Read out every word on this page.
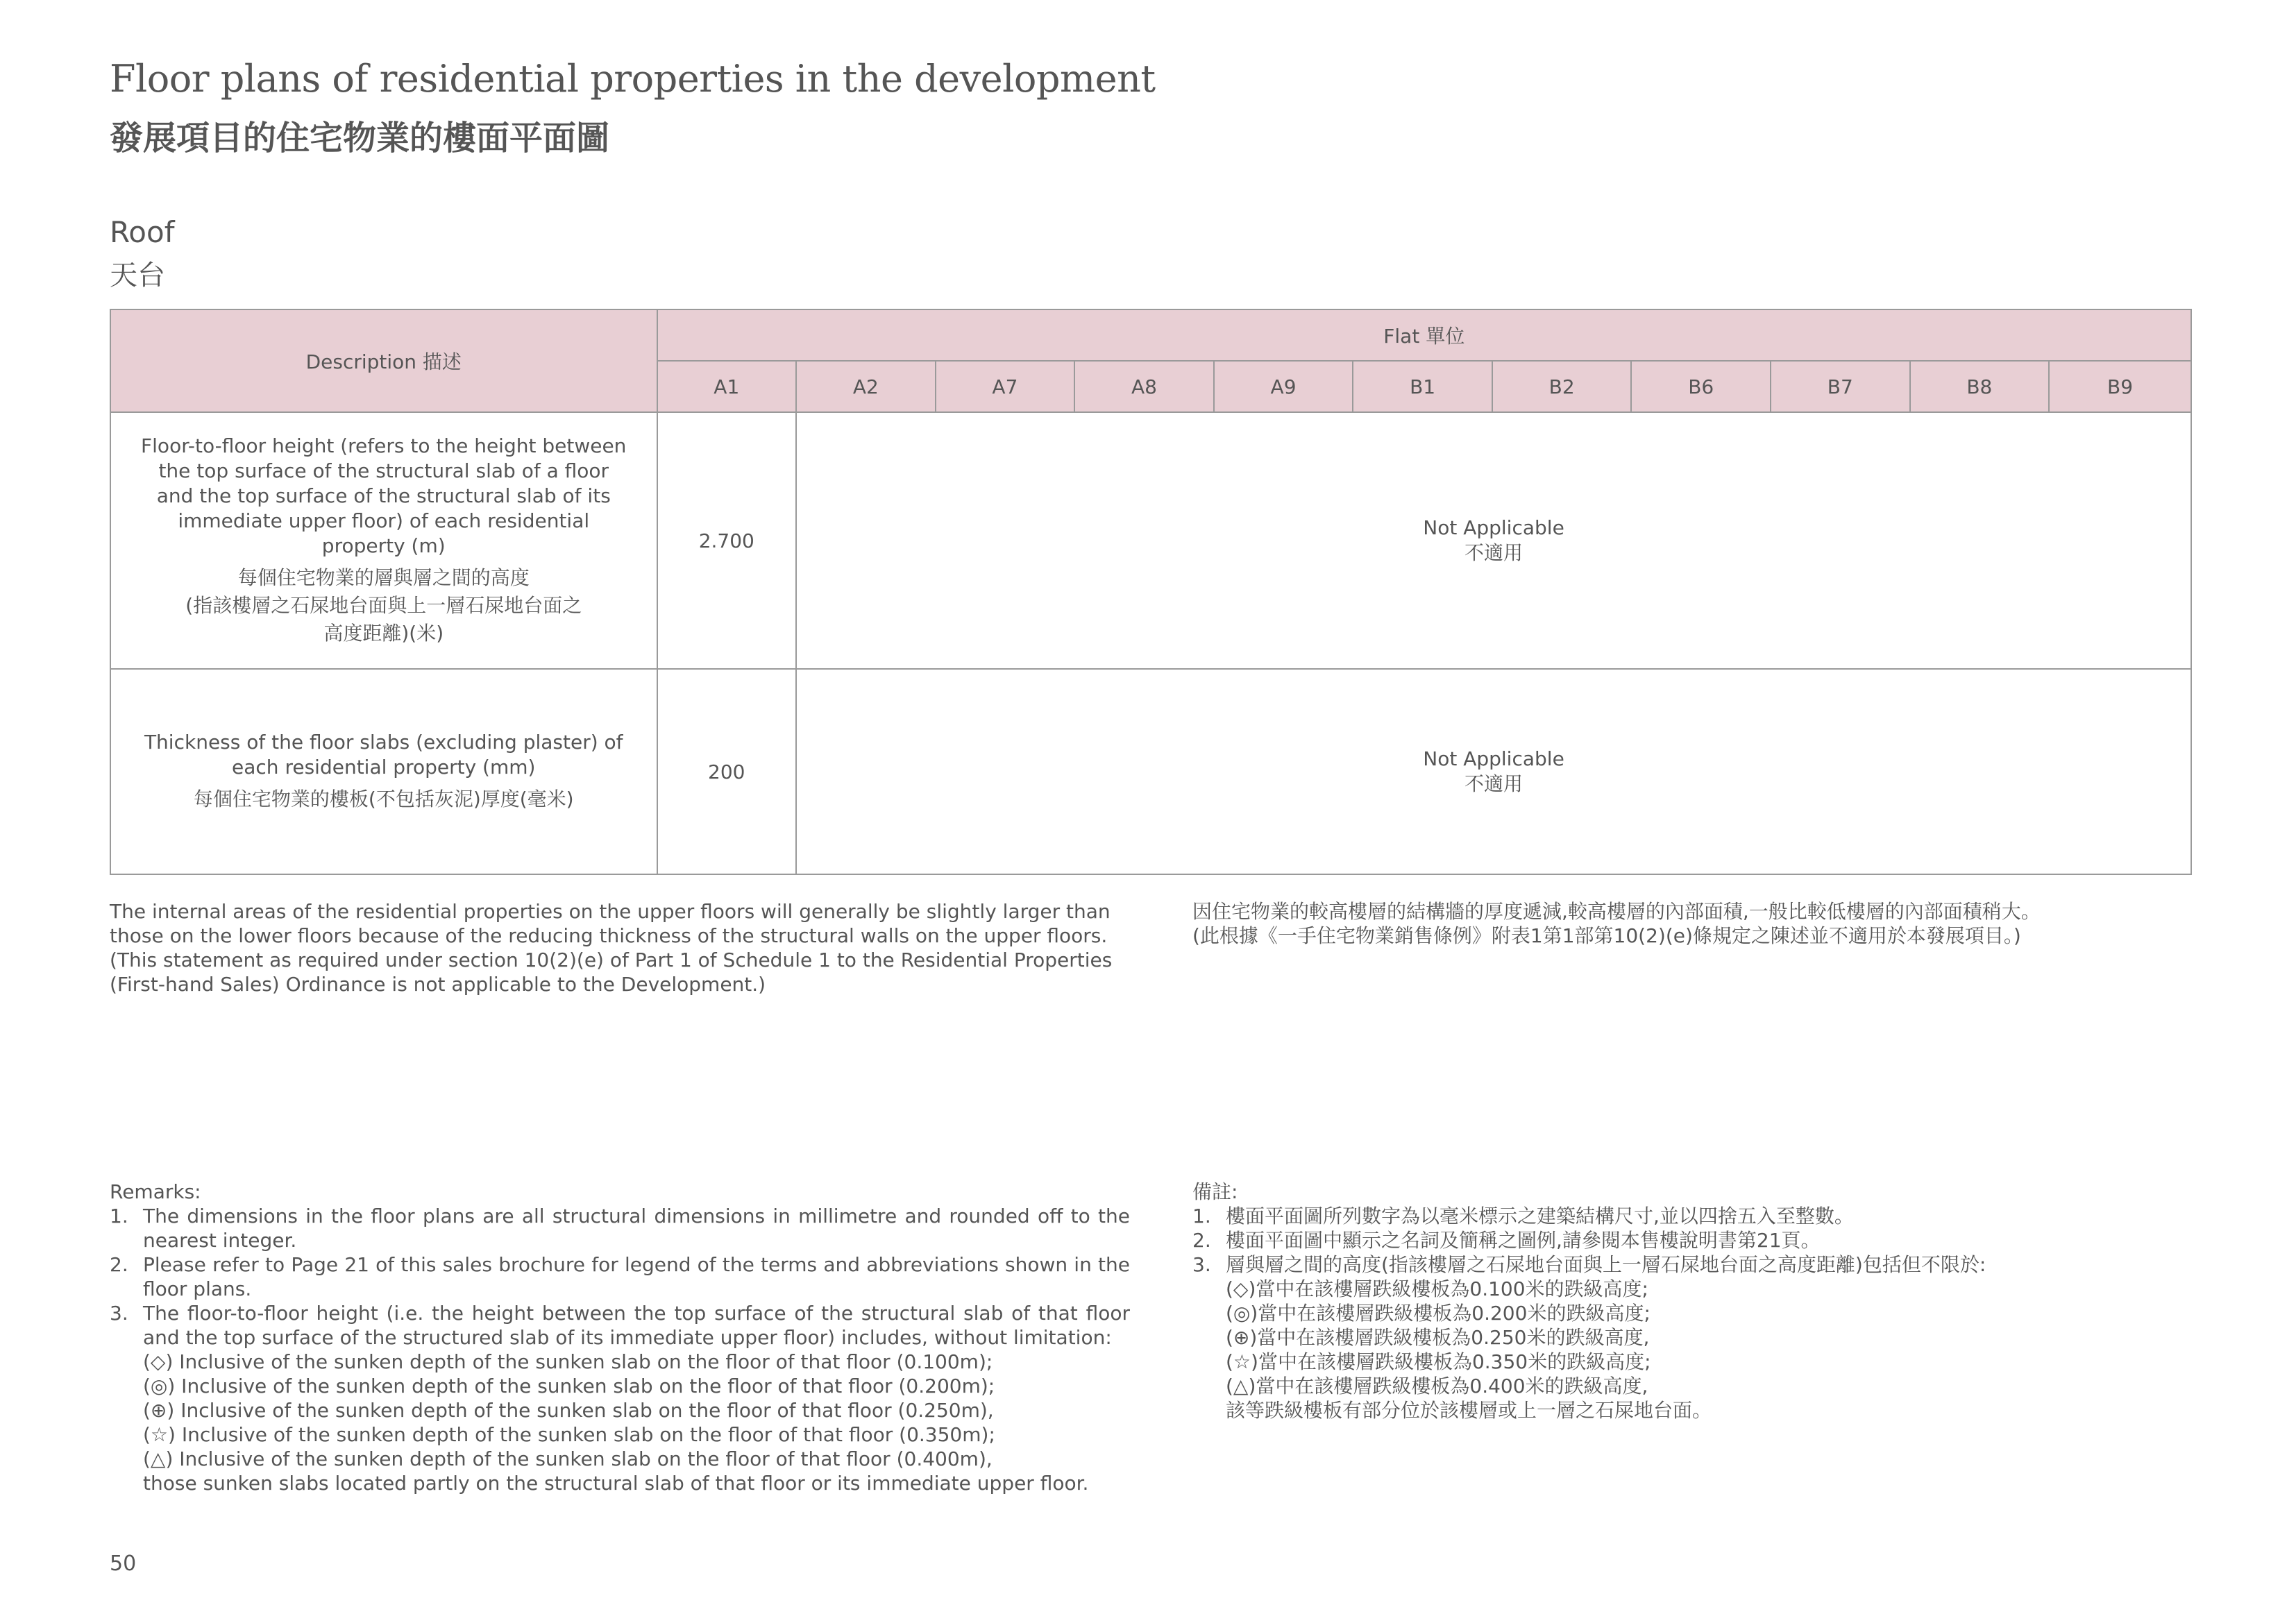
Floor plans of residential properties in the development
發展項目的住宅物業的樓面平面圖
Roof
天台
Description 描述	Flat 單位										
	A1	A2	A7	A8	A9	B1	B2	B6	B7	B8	B9
Floor-to-floor height (refers to the height between the top surface of the structural slab of a floor and the top surface of the structural slab of its immediate upper floor) of each residential property (m)
每個住宅物業的層與層之間的高度
(指該樓層之石屎地台面與上一層石屎地台面之
高度距離)(米)	2.700	Not Applicable
不適用									

Thickness of the floor slabs (excluding plaster) of each residential property (mm)
每個住宅物業的樓板(不包括灰泥)厚度(毫米)	200	Not Applicable
不適用									
The internal areas of the residential properties on the upper floors will generally be slightly larger than those on the lower floors because of the reducing thickness of the structural walls on the upper floors. (This statement as required under section 10(2)(e) of Part 1 of Schedule 1 to the Residential Properties (First-hand Sales) Ordinance is not applicable to the Development.)
因住宅物業的較高樓層的結構牆的厚度遞減,較高樓層的內部面積,一般比較低樓層的內部面積稍大。
(此根據《一手住宅物業銷售條例》附表1第1部第10(2)(e)條規定之陳述並不適用於本發展項目。)
Remarks:
1. The dimensions in the floor plans are all structural dimensions in millimetre and rounded off to the nearest integer.
2. Please refer to Page 21 of this sales brochure for legend of the terms and abbreviations shown in the floor plans.
3. The floor-to-floor height (i.e. the height between the top surface of the structural slab of that floor and the top surface of the structured slab of its immediate upper floor) includes, without limitation:
(◇) Inclusive of the sunken depth of the sunken slab on the floor of that floor (0.100m);
(◎) Inclusive of the sunken depth of the sunken slab on the floor of that floor (0.200m);
(⊕) Inclusive of the sunken depth of the sunken slab on the floor of that floor (0.250m),
(☆) Inclusive of the sunken depth of the sunken slab on the floor of that floor (0.350m);
(△) Inclusive of the sunken depth of the sunken slab on the floor of that floor (0.400m),
those sunken slabs located partly on the structural slab of that floor or its immediate upper floor.
備註:
1. 樓面平面圖所列數字為以毫米標示之建築結構尺寸,並以四捨五入至整數。
2. 樓面平面圖中顯示之名詞及簡稱之圖例,請參閱本售樓說明書第21頁。
3. 層與層之間的高度(指該樓層之石屎地台面與上一層石屎地台面之高度距離)包括但不限於:
(◇)當中在該樓層跌級樓板為0.100米的跌級高度;
(◎)當中在該樓層跌級樓板為0.200米的跌級高度;
(⊕)當中在該樓層跌級樓板為0.250米的跌級高度,
(☆)當中在該樓層跌級樓板為0.350米的跌級高度;
(△)當中在該樓層跌級樓板為0.400米的跌級高度,
該等跌級樓板有部分位於該樓層或上一層之石屎地台面。
50
